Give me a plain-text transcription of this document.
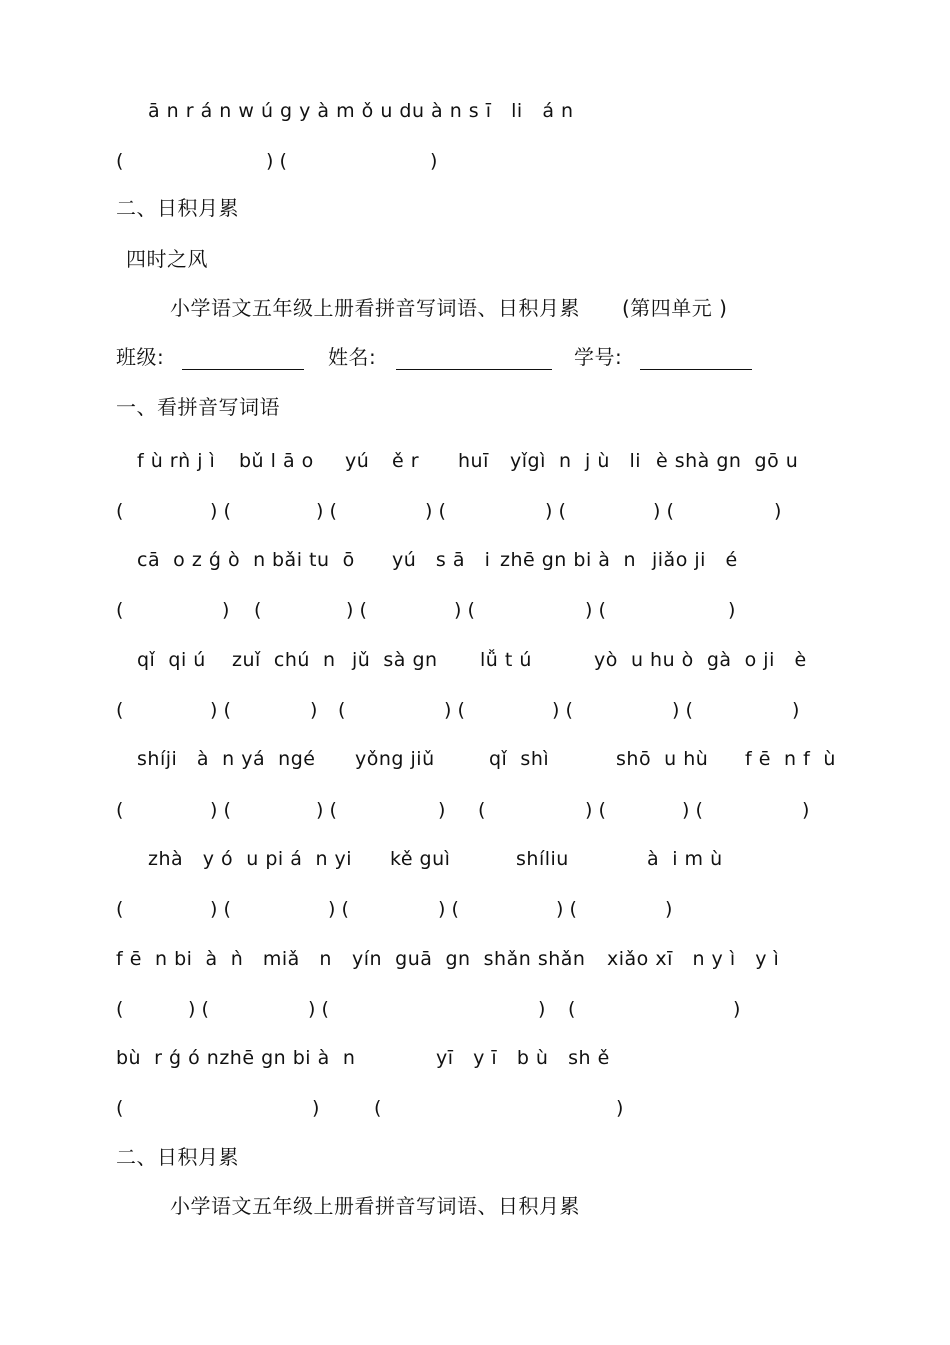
ā n r á n w ú g y à m ǒ u du à n s ī   li   á n
(	) (	)
二、日积月累
四时之风
小学语文五年级上册看拼音写词语、日积月累 (第四单元 )
班级:	姓名:	学号:
一、看拼音写词语
f ù rǹ j ì bǔ l ā o yú ě r huī yǐgì  n j ù   li è shà gn  gō u
(	) (	) (	) (	) (	) (	)
cā  o z ǵ ò  n bǎi tu  ō yú   s ā   i zhē gn bi à  n jiǎo ji   é
(	) (	) (	) (	) (	)
qǐ  qi ú zuǐ  chú  n jǔ  sà gn lǚ t ú	yò  u hu ò  gà  o ji   è
(	) (	) (	) (	) (	) (	)
shíji   à  n yá  ngé yǒng jiǔ	qǐ  shì	shō  u hù f ē  n f  ù
(	) (	) (	) (	) (	) (	)
zhà   y ó  u pi á  n yi kě guì	shíliu	à  i m ù
(	) (	) (	) (	) (	)
f ē  n bi  à  ǹ   miǎ   n yín  guā  gn  shǎn shǎn xiǎo xī   n y ì   y ì
(	) (	) (	) (	)
bù  r ǵ ó nzhē gn bi à  n	yī   y ī   b ù   sh ě
(	)	(	)
二、日积月累
小学语文五年级上册看拼音写词语、日积月累
